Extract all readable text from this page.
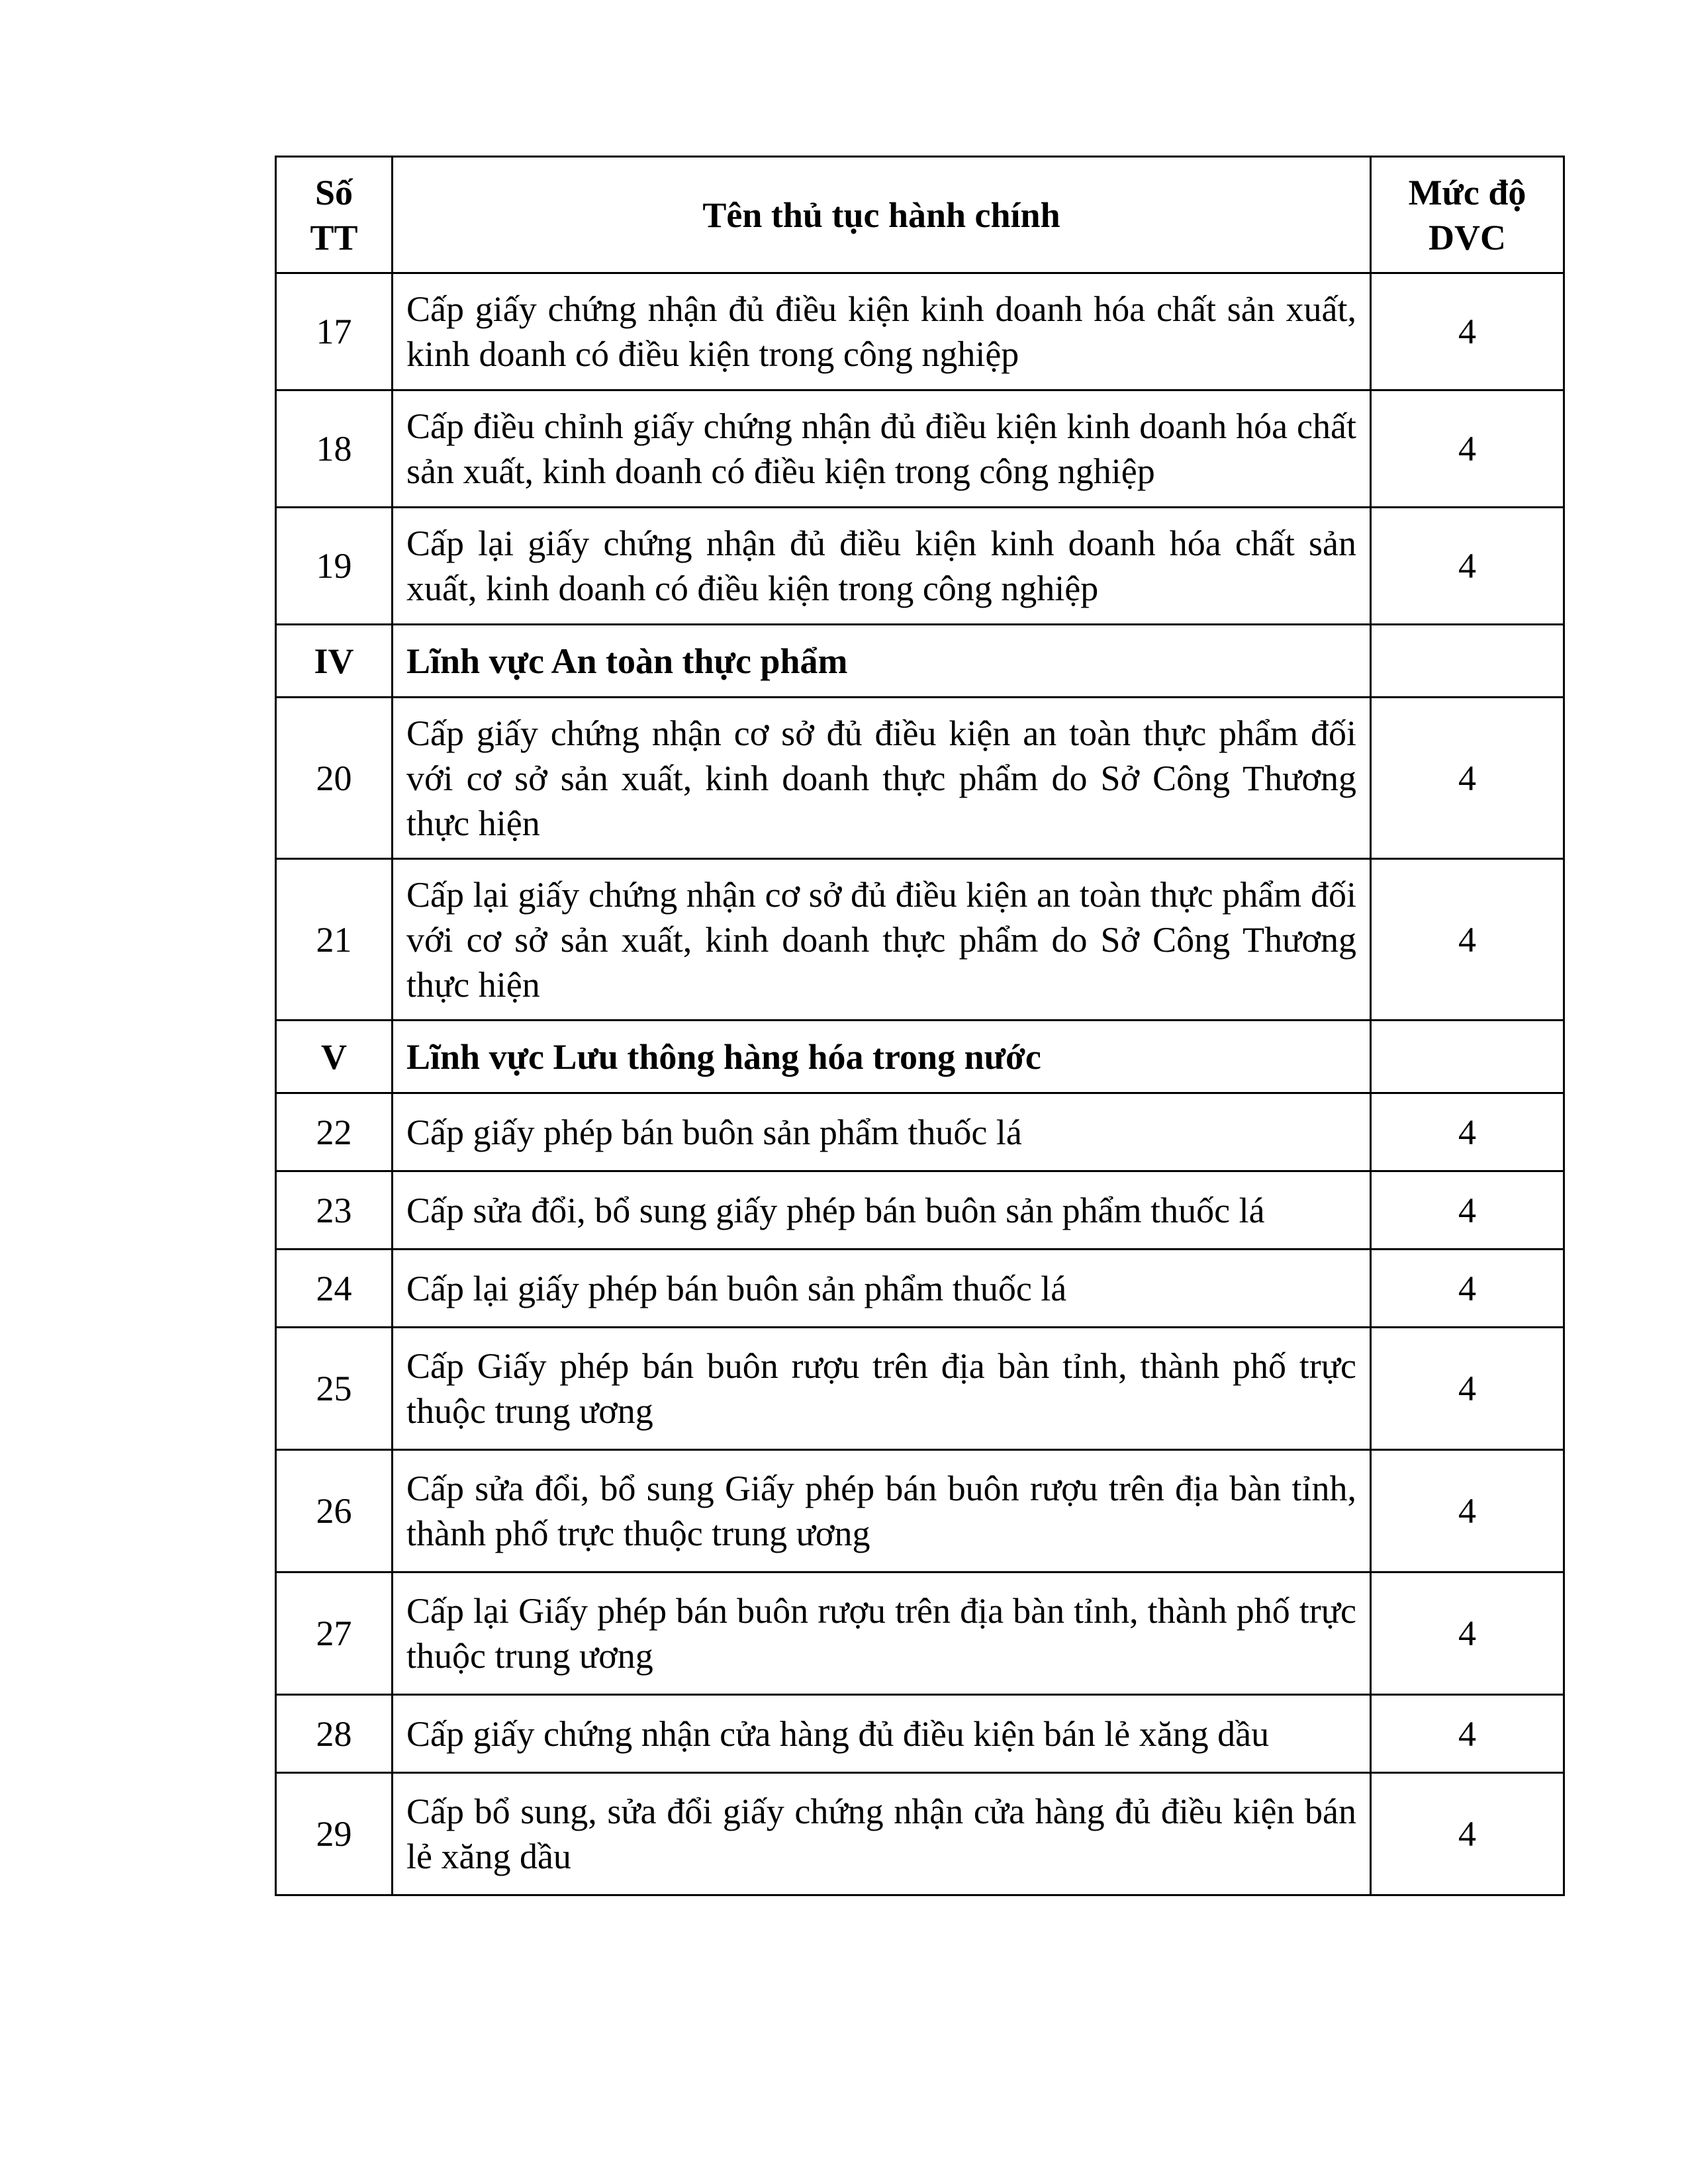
Số TT	Tên thủ tục hành chính	Mức độ DVC
17	Cấp giấy chứng nhận đủ điều kiện kinh doanh hóa chất sản xuất, kinh doanh có điều kiện trong công nghiệp	4
18	Cấp điều chỉnh giấy chứng nhận đủ điều kiện kinh doanh hóa chất sản xuất, kinh doanh có điều kiện trong công nghiệp	4
19	Cấp lại giấy chứng nhận đủ điều kiện kinh doanh hóa chất sản xuất, kinh doanh có điều kiện trong công nghiệp	4
IV	Lĩnh vực An toàn thực phẩm	
20	Cấp giấy chứng nhận cơ sở đủ điều kiện an toàn thực phẩm đối với cơ sở sản xuất, kinh doanh thực phẩm do Sở Công Thương thực hiện	4
21	Cấp lại giấy chứng nhận cơ sở đủ điều kiện an toàn thực phẩm đối với cơ sở sản xuất, kinh doanh thực phẩm do Sở Công Thương thực hiện	4
V	Lĩnh vực Lưu thông hàng hóa trong nước	
22	Cấp giấy phép bán buôn sản phẩm thuốc lá	4
23	Cấp sửa đổi, bổ sung giấy phép bán buôn sản phẩm thuốc lá	4
24	Cấp lại giấy phép bán buôn sản phẩm thuốc lá	4
25	Cấp Giấy phép bán buôn rượu trên địa bàn tỉnh, thành phố trực thuộc trung ương	4
26	Cấp sửa đổi, bổ sung Giấy phép bán buôn rượu trên địa bàn tỉnh, thành phố trực thuộc trung ương	4
27	Cấp lại Giấy phép bán buôn rượu trên địa bàn tỉnh, thành phố trực thuộc trung ương	4
28	Cấp giấy chứng nhận cửa hàng đủ điều kiện bán lẻ xăng dầu	4
29	Cấp bổ sung, sửa đổi giấy chứng nhận cửa hàng đủ điều kiện bán lẻ xăng dầu	4
